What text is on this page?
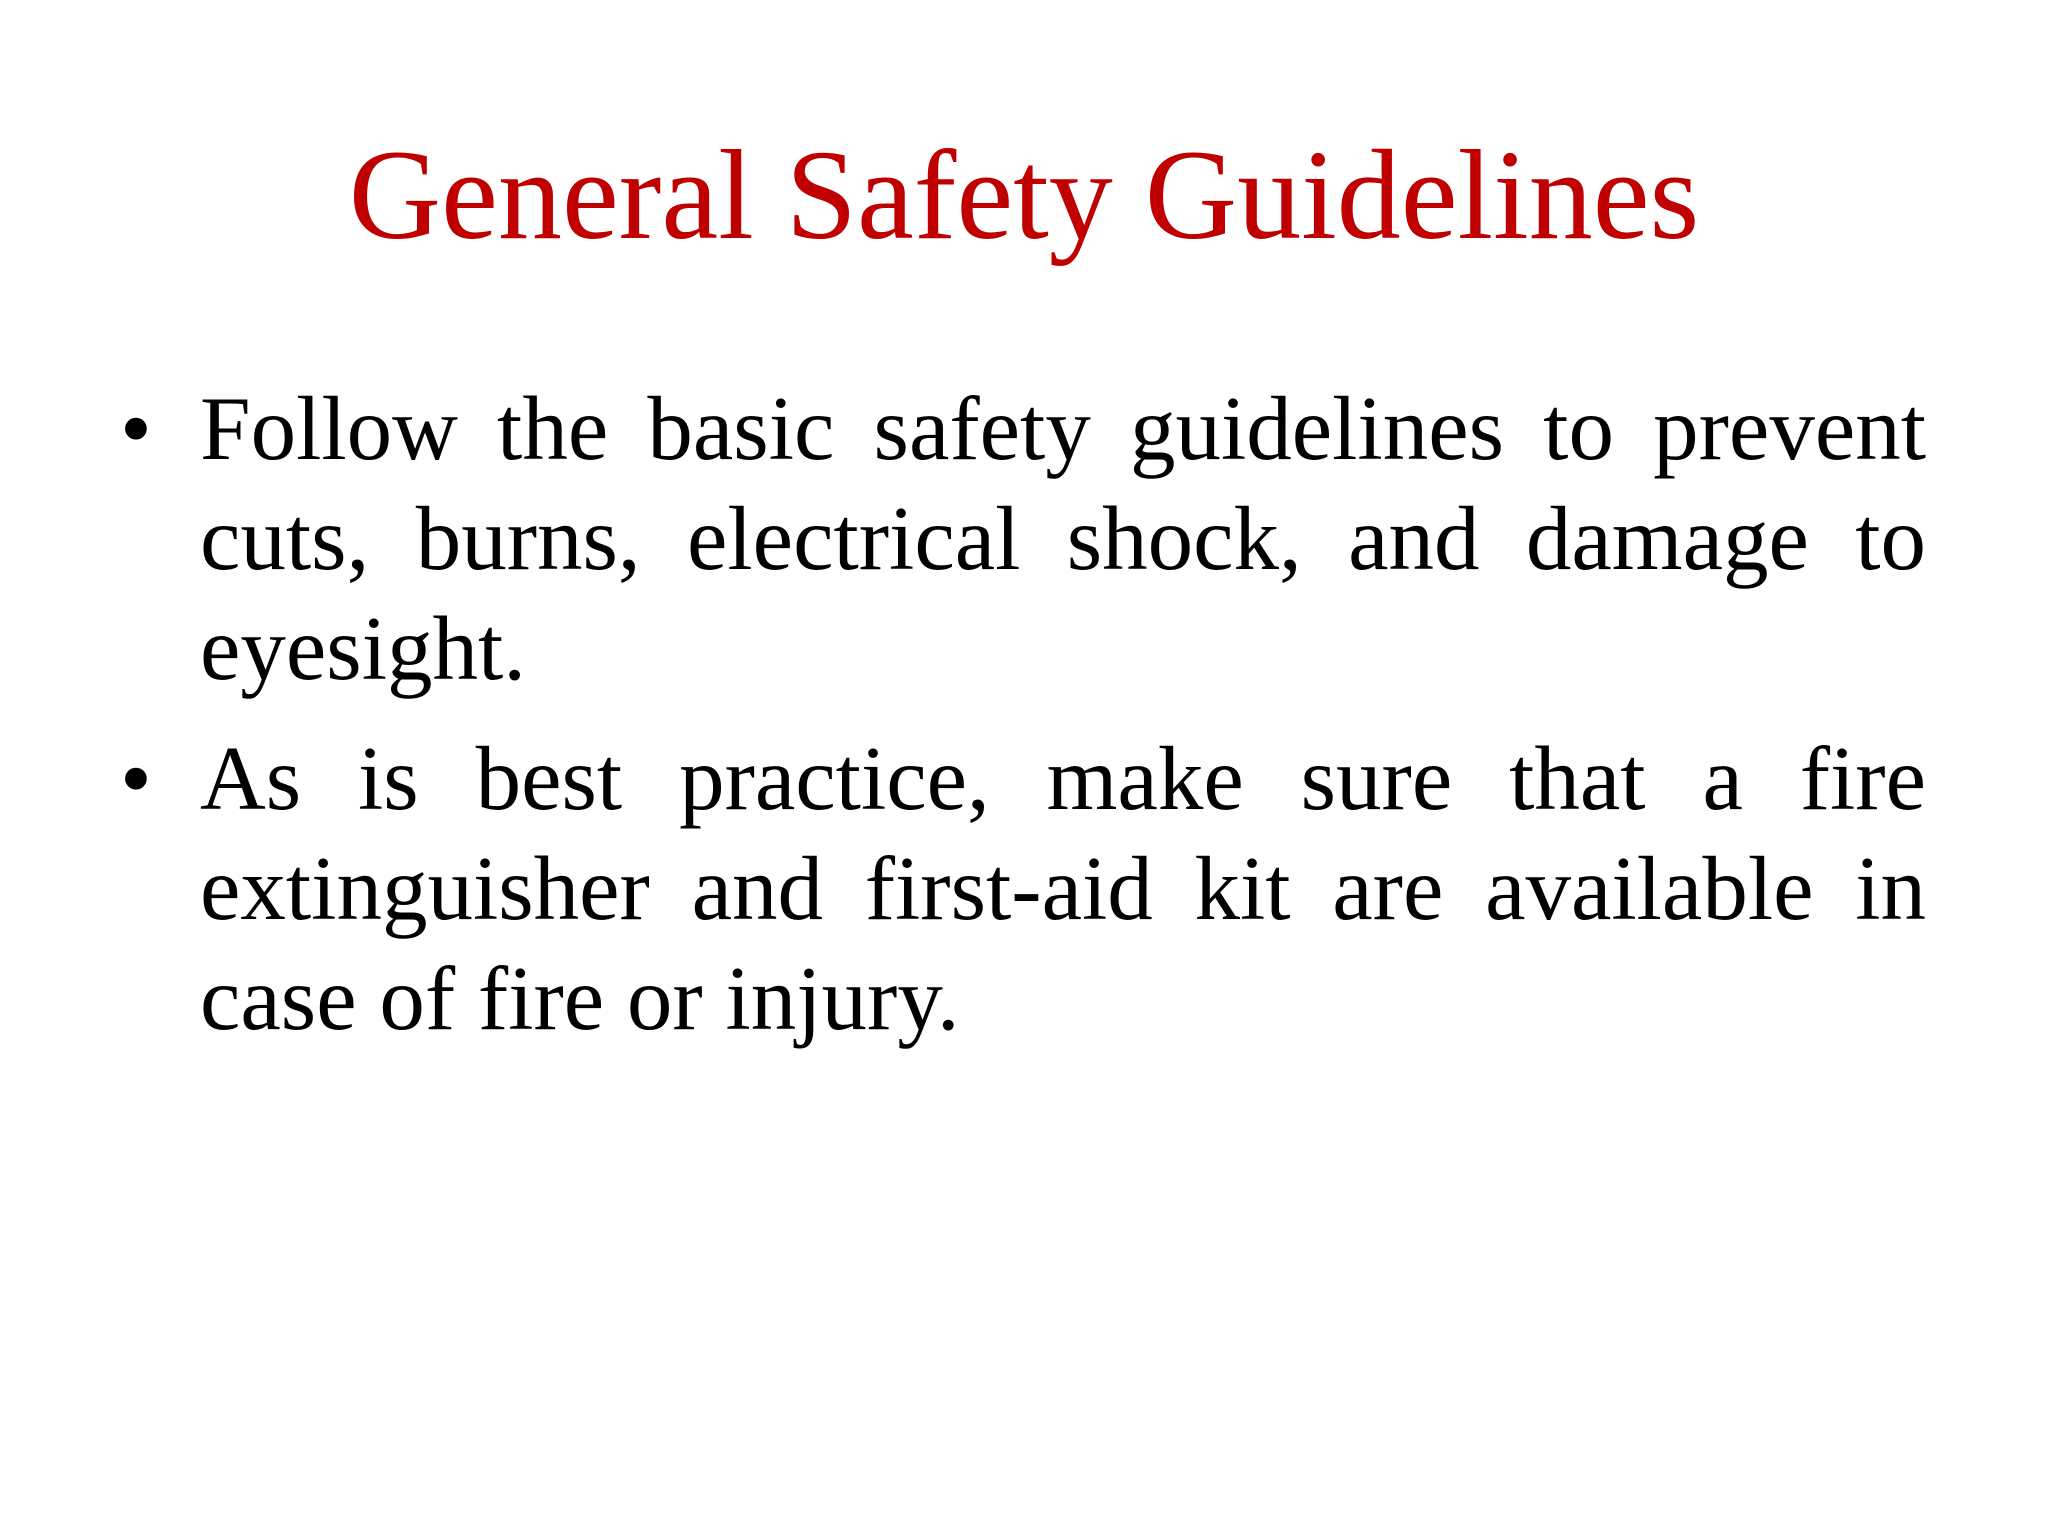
General Safety Guidelines
• Follow the basic safety guidelines to prevent cuts, burns, electrical shock, and damage to eyesight.
• As is best practice, make sure that a fire extinguisher and first-aid kit are available in case of fire or injury.
